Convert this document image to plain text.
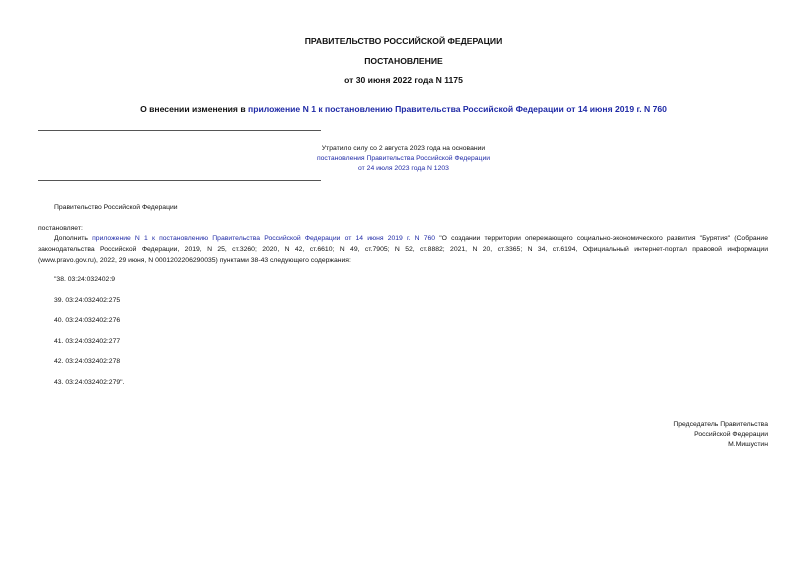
ПРАВИТЕЛЬСТВО РОССИЙСКОЙ ФЕДЕРАЦИИ
ПОСТАНОВЛЕНИЕ
от 30 июня 2022 года N 1175
О внесении изменения в приложение N 1 к постановлению Правительства Российской Федерации от 14 июня 2019 г. N 760
Утратило силу со 2 августа 2023 года на основании
постановления Правительства Российской Федерации
от 24 июля 2023 года N 1203
Правительство Российской Федерации
постановляет:
Дополнить приложение N 1 к постановлению Правительства Российской Федерации от 14 июня 2019 г. N 760 "О создании территории опережающего социально-экономического развития "Бурятия" (Собрание
законодательства Российской Федерации, 2019, N 25, ст.3260; 2020, N 42, ст.6610; N 49, ст.7905; N 52, ст.8882; 2021, N 20, ст.3365; N 34, ст.6194, Официальный интернет-портал правовой информации
(www.pravo.gov.ru), 2022, 29 июня, N 0001202206290035) пунктами 38-43 следующего содержания:
"38. 03:24:032402:9
39. 03:24:032402:275
40. 03:24:032402:276
41. 03:24:032402:277
42. 03:24:032402:278
43. 03:24:032402:279".
Председатель Правительства
Российской Федерации
М.Мишустин
